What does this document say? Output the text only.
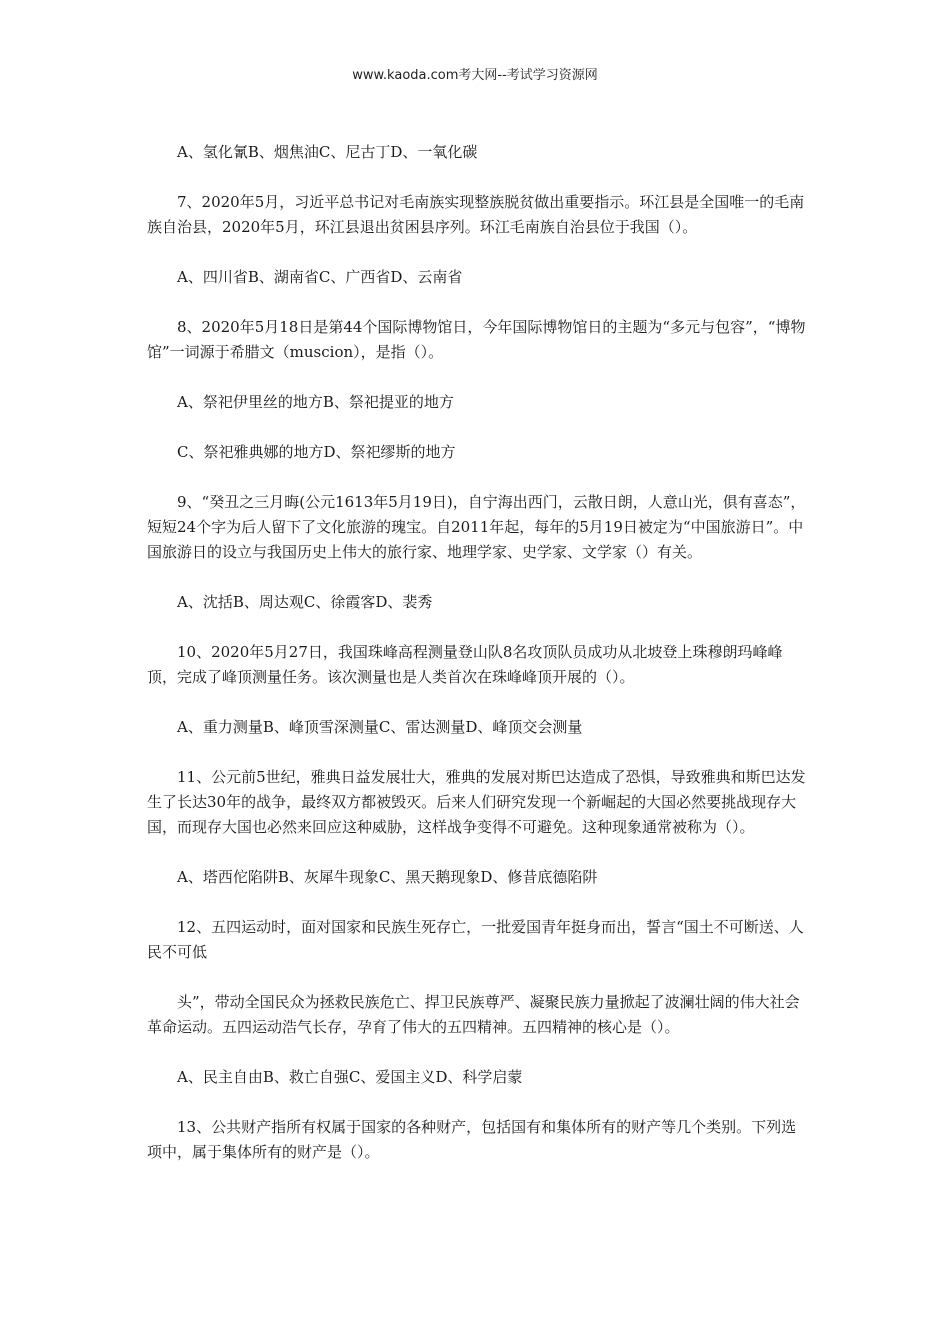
www.kaoda.com考大网--考试学习资源网

A、氢化氰B、烟焦油C、尼古丁D、一氧化碳

7、2020年5月，习近平总书记对毛南族实现整族脱贫做出重要指示。环江县是全国唯一的毛南族自治县，2020年5月，环江县退出贫困县序列。环江毛南族自治县位于我国（）。

A、四川省B、湖南省C、广西省D、云南省

8、2020年5月18日是第44个国际博物馆日，今年国际博物馆日的主题为“多元与包容”，“博物馆”一词源于希腊文（muscion），是指（）。

A、祭祀伊里丝的地方B、祭祀提亚的地方

C、祭祀雅典娜的地方D、祭祀缪斯的地方

9、“癸丑之三月晦(公元1613年5月19日)，自宁海出西门，云散日朗，人意山光，俱有喜态”，短短24个字为后人留下了文化旅游的瑰宝。自2011年起，每年的5月19日被定为“中国旅游日”。中国旅游日的设立与我国历史上伟大的旅行家、地理学家、史学家、文学家（）有关。

A、沈括B、周达观C、徐霞客D、裴秀

10、2020年5月27日，我国珠峰高程测量登山队8名攻顶队员成功从北坡登上珠穆朗玛峰峰顶，完成了峰顶测量任务。该次测量也是人类首次在珠峰峰顶开展的（）。

A、重力测量B、峰顶雪深测量C、雷达测量D、峰顶交会测量

11、公元前5世纪，雅典日益发展壮大，雅典的发展对斯巴达造成了恐惧，导致雅典和斯巴达发生了长达30年的战争，最终双方都被毁灭。后来人们研究发现一个新崛起的大国必然要挑战现存大国，而现存大国也必然来回应这种威胁，这样战争变得不可避免。这种现象通常被称为（）。

A、塔西佗陷阱B、灰犀牛现象C、黑天鹅现象D、修昔底德陷阱

12、五四运动时，面对国家和民族生死存亡，一批爱国青年挺身而出，誓言“国土不可断送、人民不可低

头”，带动全国民众为拯救民族危亡、捍卫民族尊严、凝聚民族力量掀起了波澜壮阔的伟大社会革命运动。五四运动浩气长存，孕育了伟大的五四精神。五四精神的核心是（）。

A、民主自由B、救亡自强C、爱国主义D、科学启蒙

13、公共财产指所有权属于国家的各种财产，包括国有和集体所有的财产等几个类别。下列选项中，属于集体所有的财产是（）。
